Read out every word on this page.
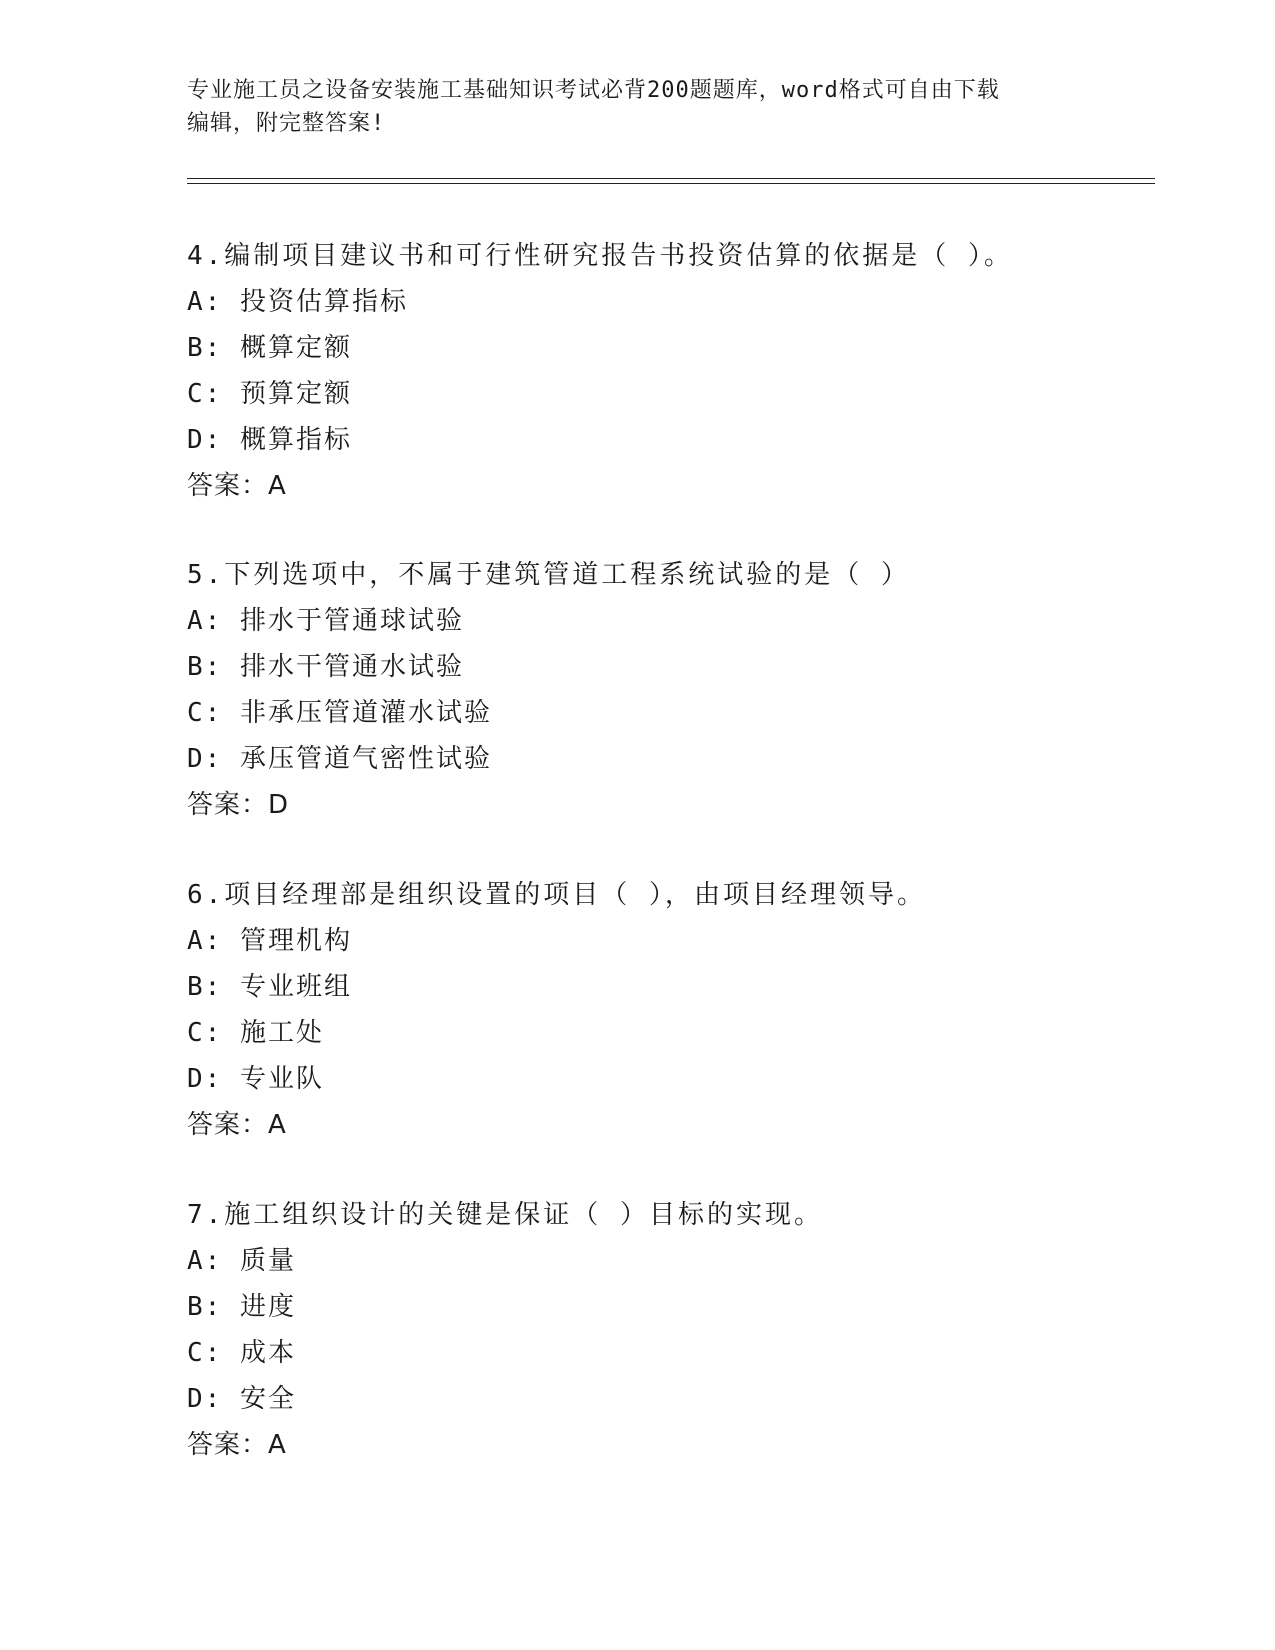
专业施工员之设备安装施工基础知识考试必背200题题库，word格式可自由下载
编辑，附完整答案!
4.编制项目建议书和可行性研究报告书投资估算的依据是（ ）。
A: 投资估算指标
B: 概算定额
C: 预算定额
D: 概算指标
答案：A
5.下列选项中，不属于建筑管道工程系统试验的是（ ）
A: 排水于管通球试验
B: 排水干管通水试验
C: 非承压管道灌水试验
D: 承压管道气密性试验
答案：D
6.项目经理部是组织设置的项目（ ），由项目经理领导。
A: 管理机构
B: 专业班组
C: 施工处
D: 专业队
答案：A
7.施工组织设计的关键是保证（ ）目标的实现。
A: 质量
B: 进度
C: 成本
D: 安全
答案：A
